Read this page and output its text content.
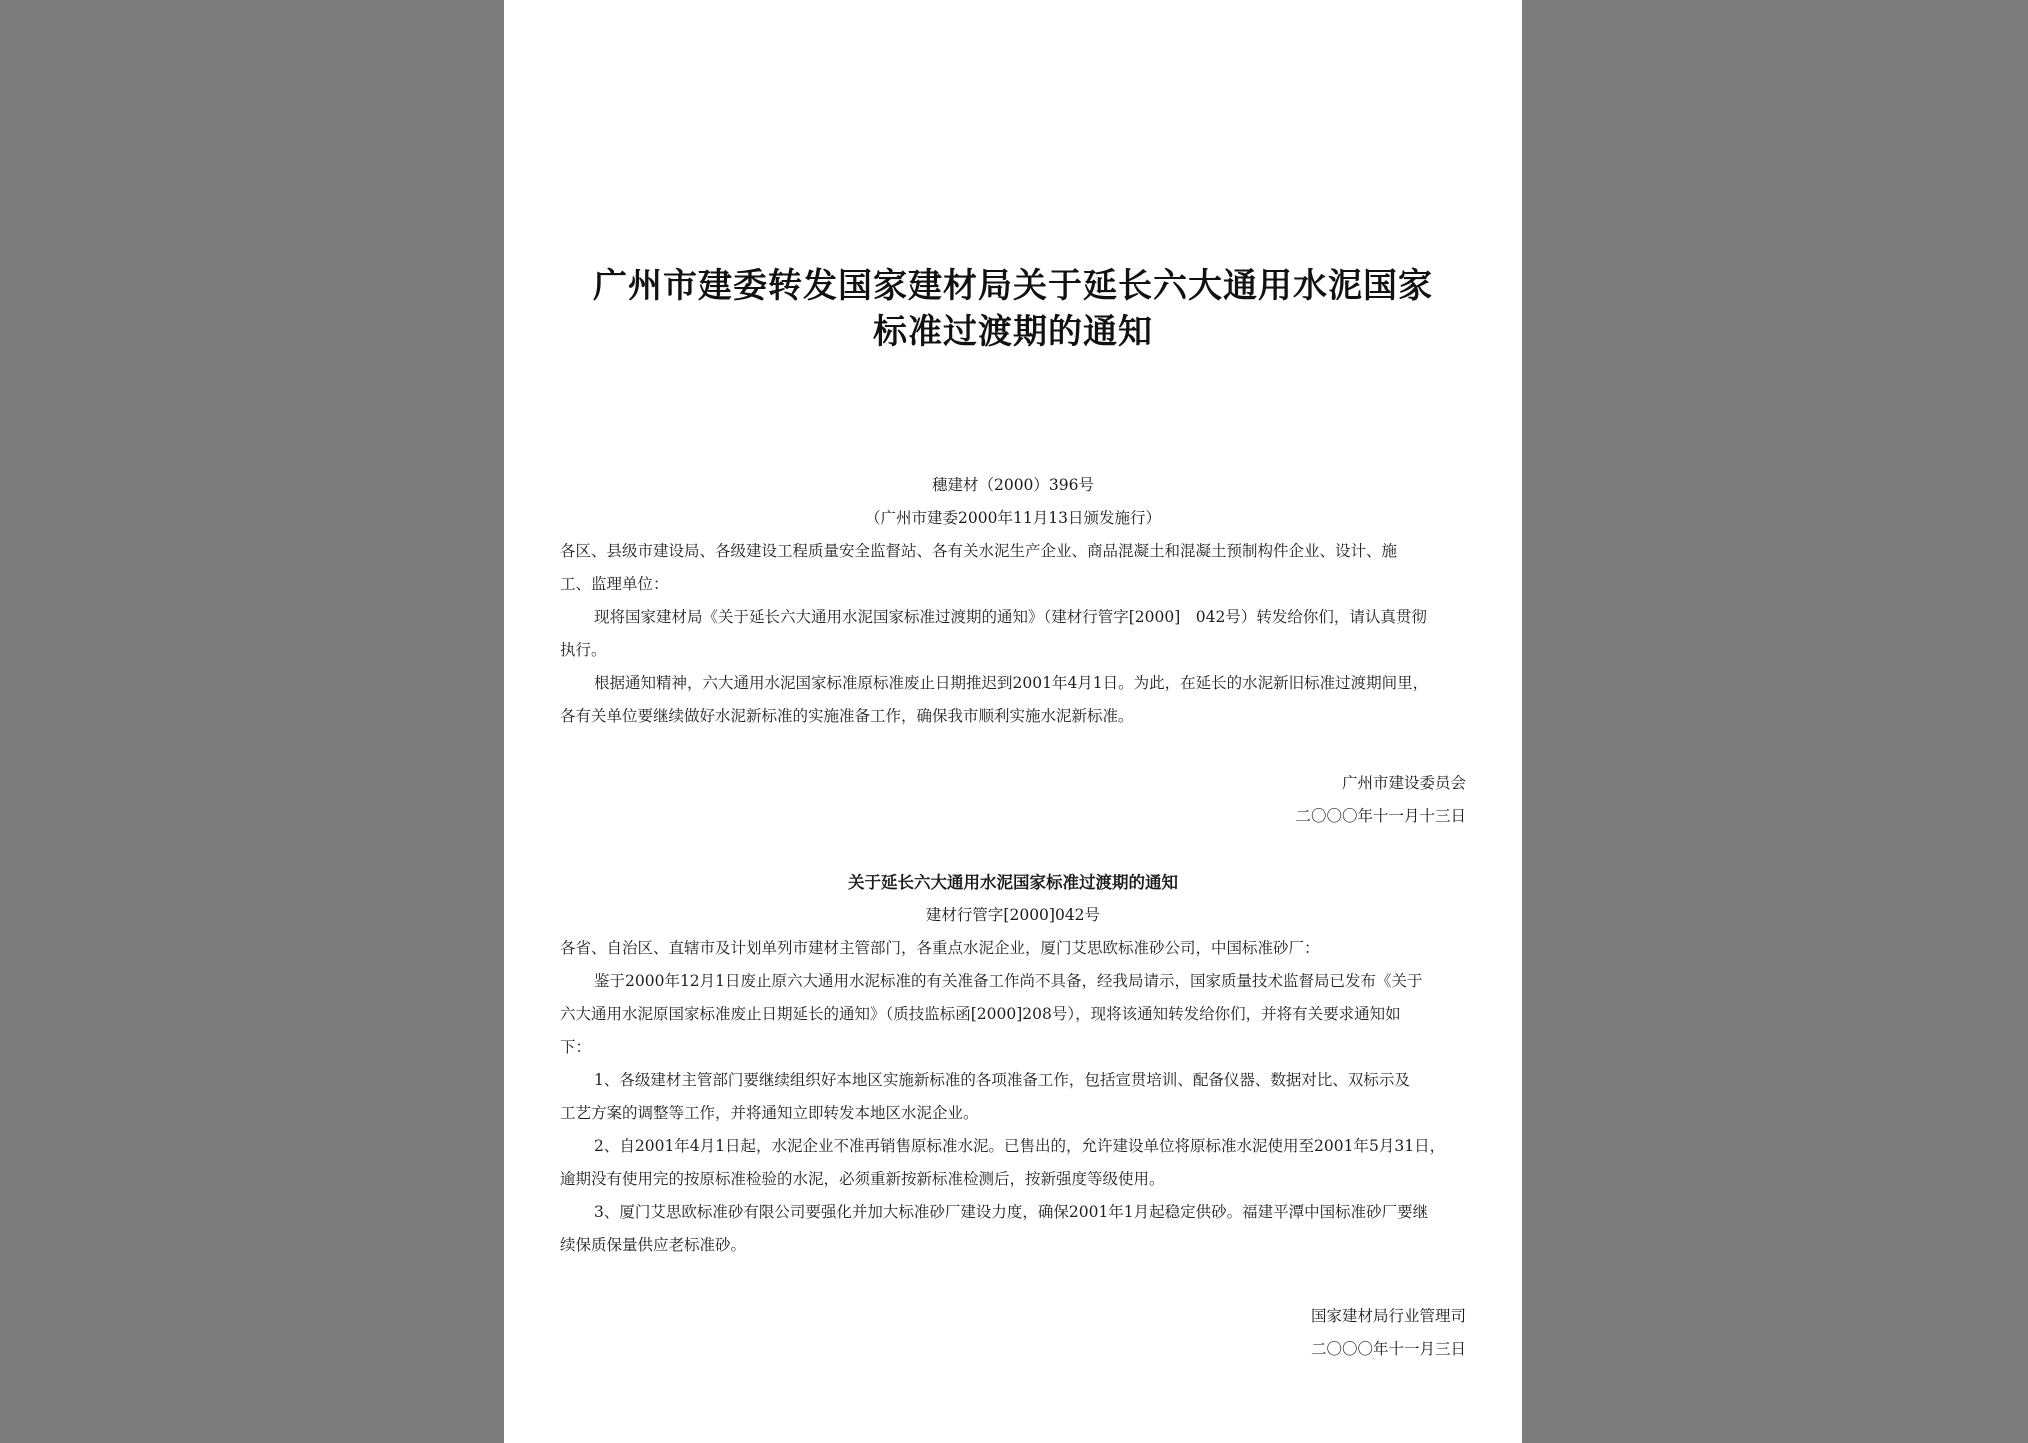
广州市建委转发国家建材局关于延长六大通用水泥国家
标准过渡期的通知
穗建材（2000）396号
（广州市建委2000年11月13日颁发施行）
各区、县级市建设局、各级建设工程质量安全监督站、各有关水泥生产企业、商品混凝土和混凝土预制构件企业、设计、施
工、监理单位：
现将国家建材局《关于延长六大通用水泥国家标准过渡期的通知》（建材行管字[2000]　042号）转发给你们，请认真贯彻
执行。
根据通知精神，六大通用水泥国家标准原标准废止日期推迟到2001年4月1日。为此，在延长的水泥新旧标准过渡期间里，
各有关单位要继续做好水泥新标准的实施准备工作，确保我市顺利实施水泥新标准。
广州市建设委员会
二〇〇〇年十一月十三日
关于延长六大通用水泥国家标准过渡期的通知
建材行管字[2000]042号
各省、自治区、直辖市及计划单列市建材主管部门，各重点水泥企业，厦门艾思欧标准砂公司，中国标准砂厂：
鉴于2000年12月1日废止原六大通用水泥标准的有关准备工作尚不具备，经我局请示，国家质量技术监督局已发布《关于
六大通用水泥原国家标准废止日期延长的通知》（质技监标函[2000]208号），现将该通知转发给你们，并将有关要求通知如
下：
1、各级建材主管部门要继续组织好本地区实施新标准的各项准备工作，包括宣贯培训、配备仪器、数据对比、双标示及
工艺方案的调整等工作，并将通知立即转发本地区水泥企业。
2、自2001年4月1日起，水泥企业不准再销售原标准水泥。已售出的，允许建设单位将原标准水泥使用至2001年5月31日，
逾期没有使用完的按原标准检验的水泥，必须重新按新标准检测后，按新强度等级使用。
3、厦门艾思欧标准砂有限公司要强化并加大标准砂厂建设力度，确保2001年1月起稳定供砂。福建平潭中国标准砂厂要继
续保质保量供应老标准砂。
国家建材局行业管理司
二〇〇〇年十一月三日
